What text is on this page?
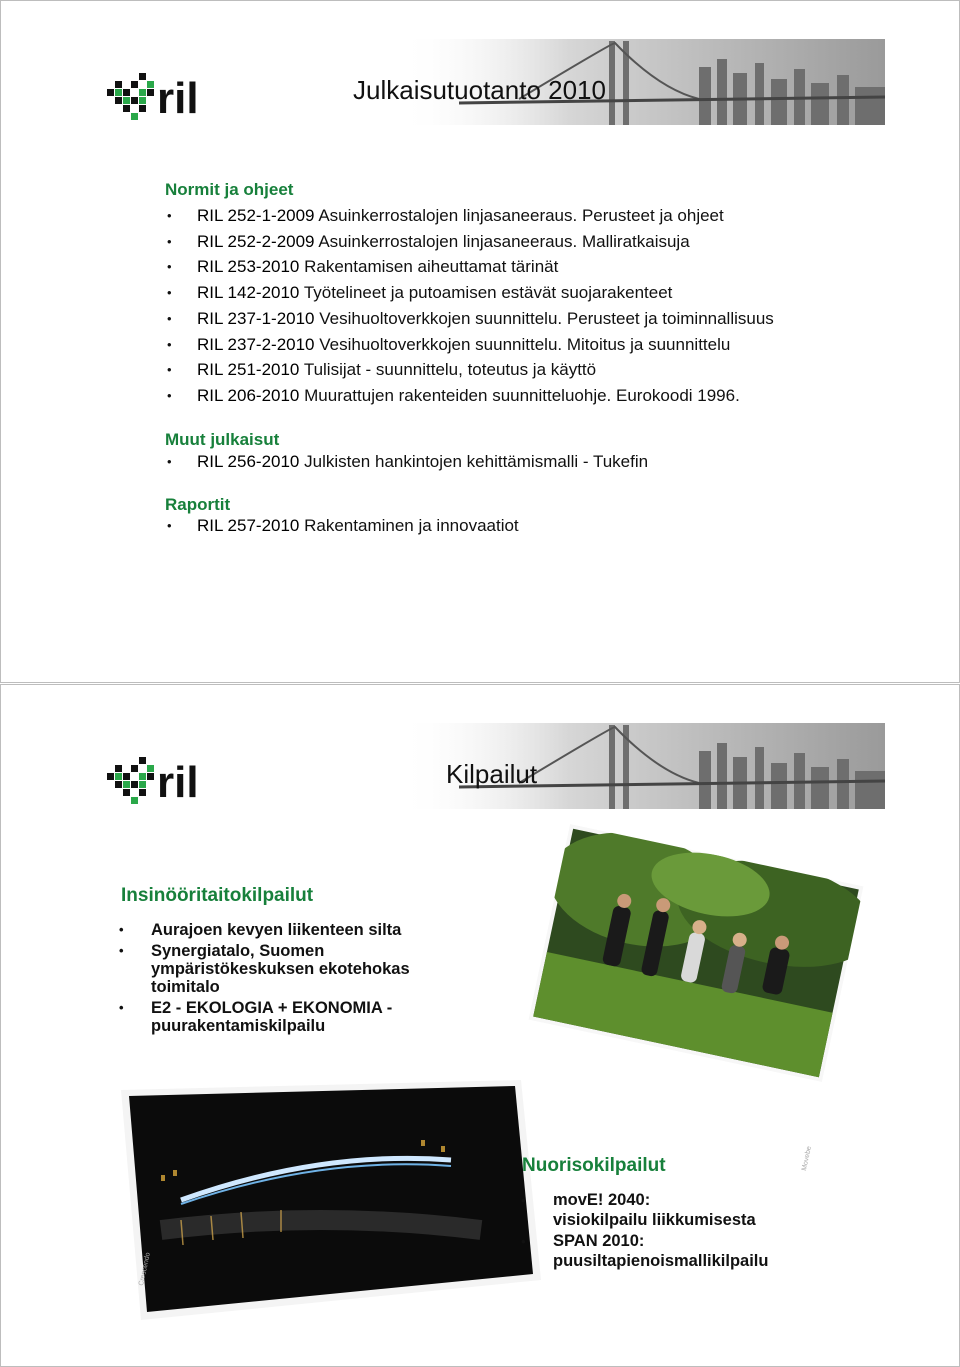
ril	Julkaisutuotanto 2010
Normit ja ohjeet
• RIL 252-1-2009 Asuinkerrostalojen linjasaneeraus. Perusteet ja ohjeet
• RIL 252-2-2009 Asuinkerrostalojen linjasaneeraus. Malliratkaisuja
• RIL 253-2010 Rakentamisen aiheuttamat tärinät
• RIL 142-2010 Työtelineet ja putoamisen estävät suojarakenteet
• RIL 237-1-2010 Vesihuoltoverkkojen suunnittelu. Perusteet ja toiminnallisuus
• RIL 237-2-2010 Vesihuoltoverkkojen suunnittelu. Mitoitus ja suunnittelu
• RIL 251-2010 Tulisijat - suunnittelu, toteutus ja käyttö
• RIL 206-2010 Muurattujen rakenteiden suunnitteluohje. Eurokoodi 1996.
Muut julkaisut
• RIL 256-2010 Julkisten hankintojen kehittämismalli - Tukefin
Raportit
• RIL 257-2010 Rakentaminen ja innovaatiot
ril	Kilpailut
Insinööritaitokilpailut
• Aurajoen kevyen liikenteen silta
• Synergiatalo, Suomen ympäristökeskuksen ekotehokas toimitalo
• E2 - EKOLOGIA + EKONOMIA - puurakentamiskilpailu
Movebe
Crescendo
Nuorisokilpailut
• movE! 2040:
visiokilpailu liikkumisesta
• SPAN 2010:
puusiltapienoismallikilpailu
